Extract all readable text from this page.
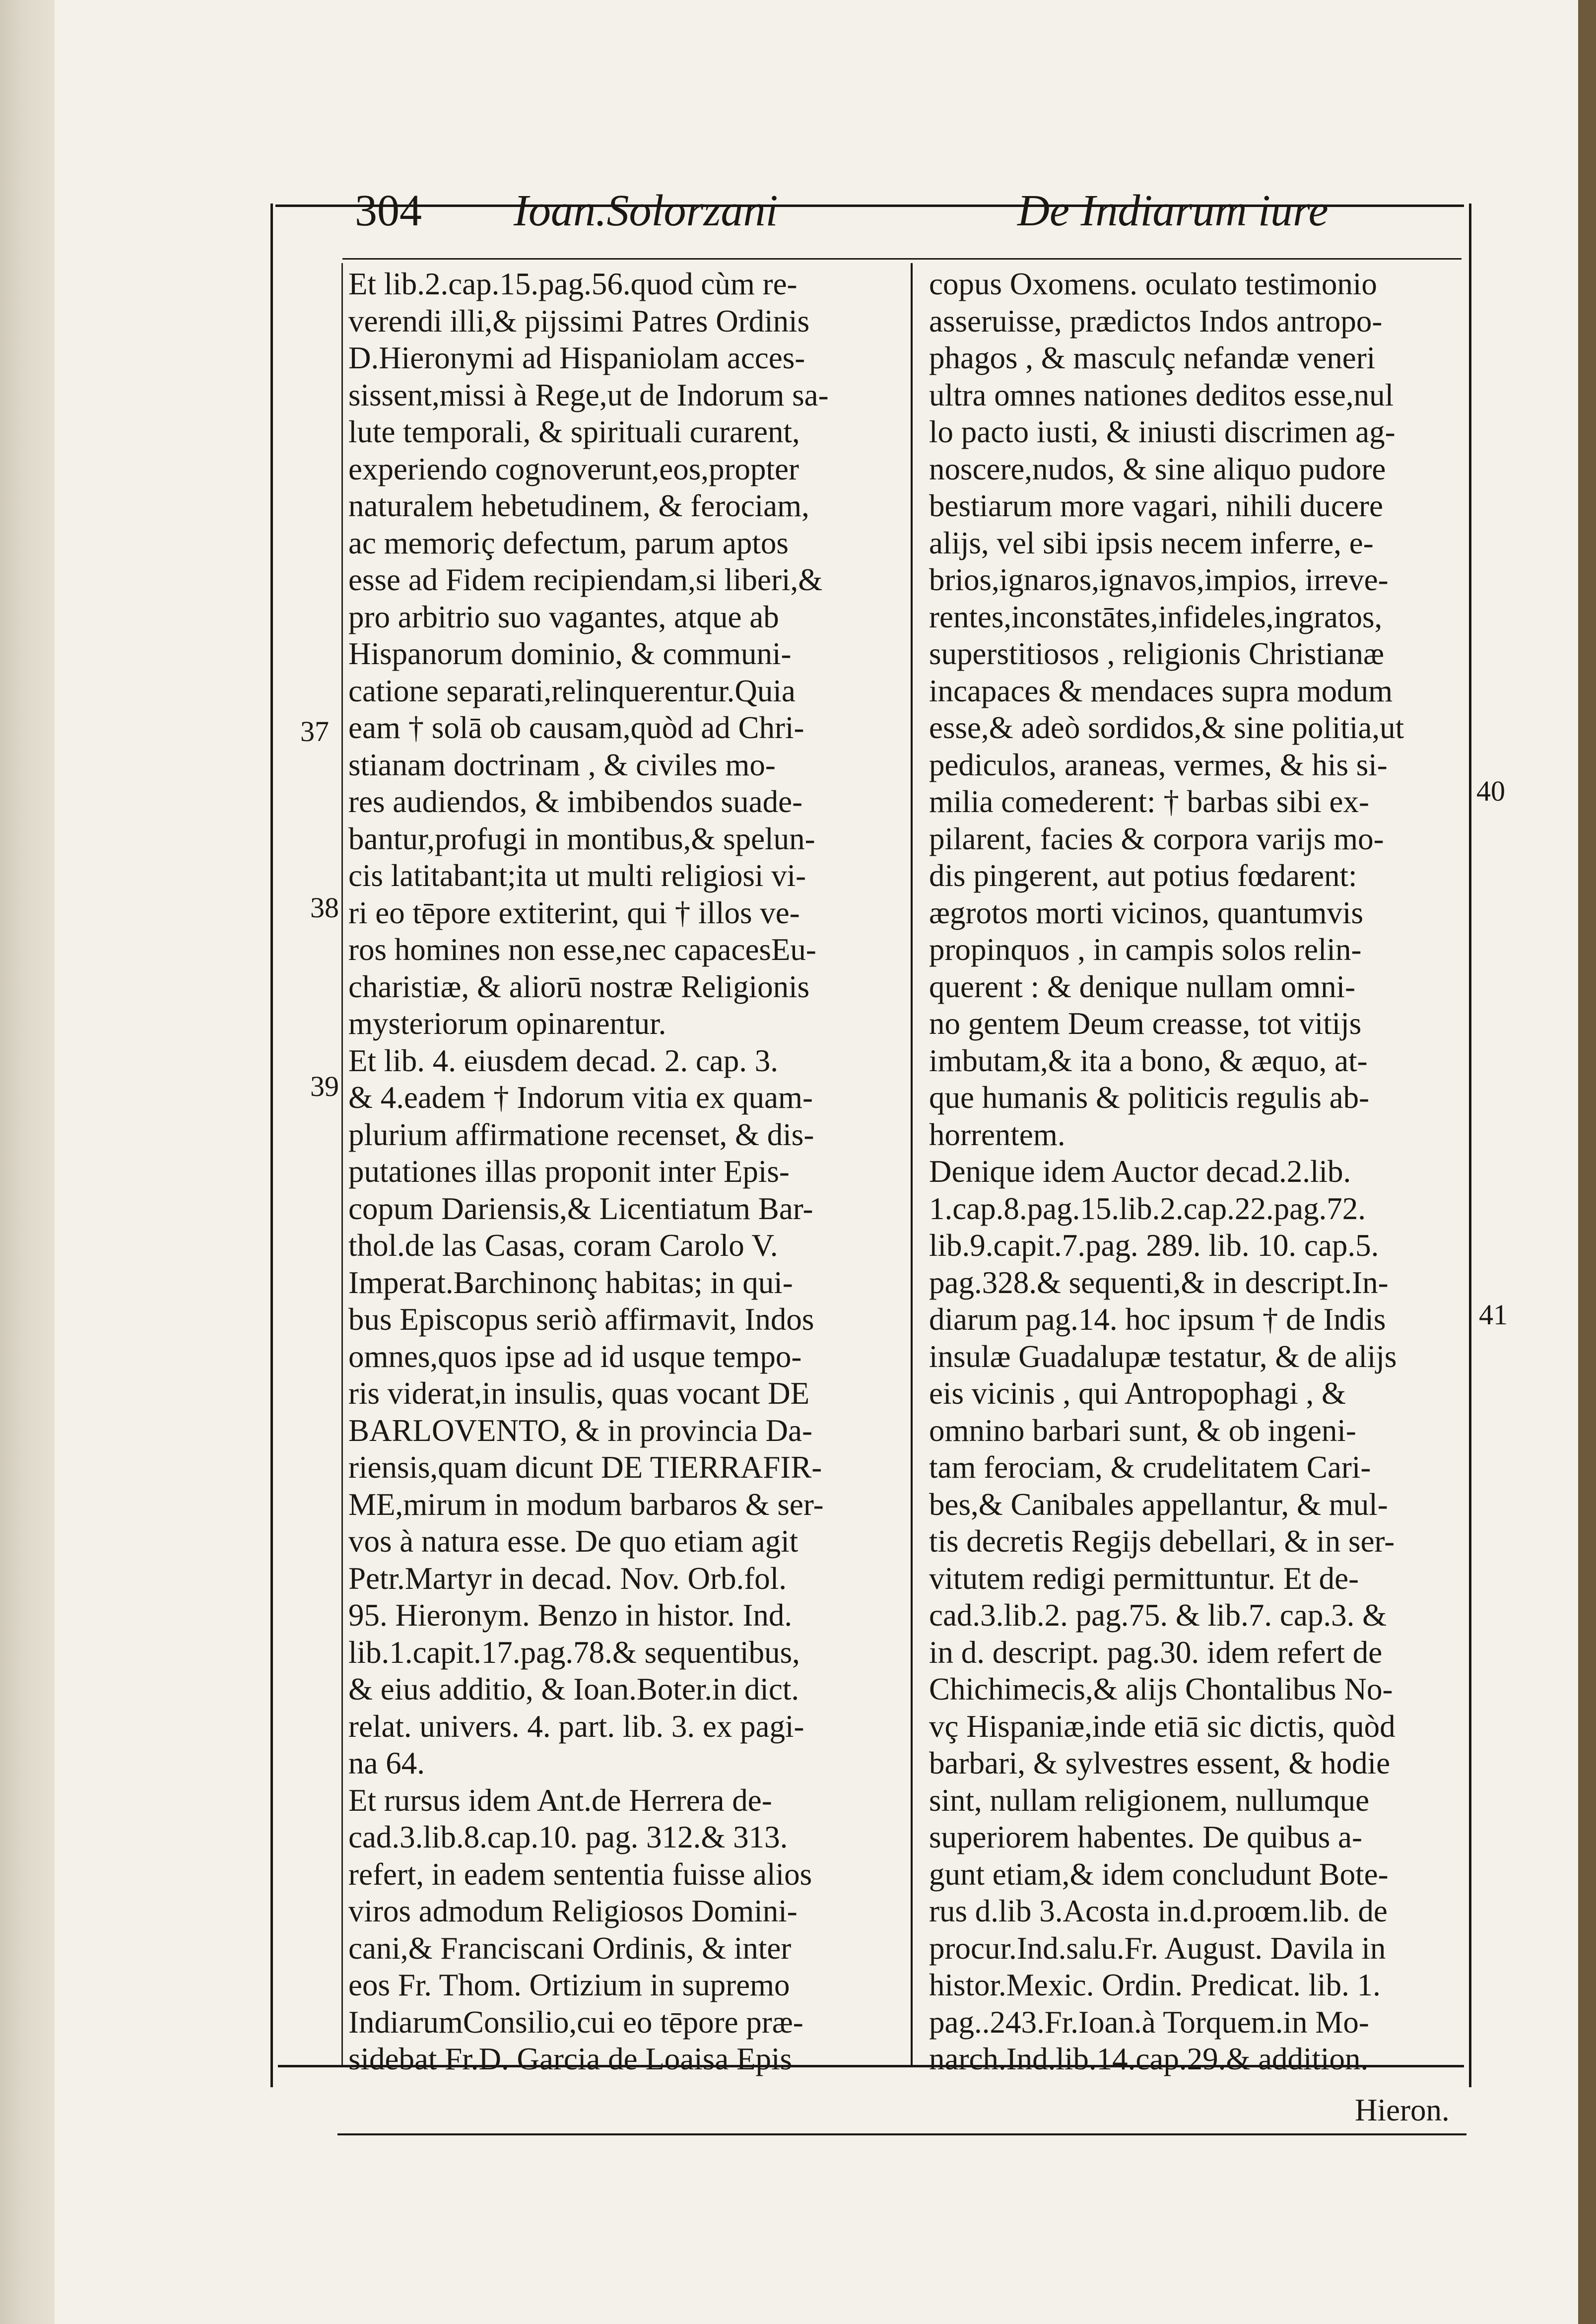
304 Ioan.Solorzani	De Indiarum iure
Et lib.2.cap.15.pag.56.quod cùm re-
verendi illi,& pijssimi Patres Ordinis
D.Hieronymi ad Hispaniolam acces-
sissent,missi à Rege,ut de Indorum sa-
lute temporali, & spirituali curarent,
experiendo cognoverunt,eos,propter
naturalem hebetudinem, & ferociam,
ac memoriç defectum, parum aptos
esse ad Fidem recipiendam,si liberi,&
pro arbitrio suo vagantes, atque ab
Hispanorum dominio, & communi-
catione separati,relinquerentur.Quia
eam † solā ob causam,quòd ad Chri-
stianam doctrinam , & civiles mo-
res audiendos, & imbibendos suade-
bantur,profugi in montibus,& spelun-
cis latitabant;ita ut multi religiosi vi-
ri eo tēpore extiterint, qui † illos ve-
ros homines non esse,nec capacesEu-
charistiæ, & aliorū nostræ Religionis
mysteriorum opinarentur.
Et lib. 4. eiusdem decad. 2. cap. 3.
& 4.eadem † Indorum vitia ex quam-
plurium affirmatione recenset, & dis-
putationes illas proponit inter Epis-
copum Dariensis,& Licentiatum Bar-
thol.de las Casas, coram Carolo V.
Imperat.Barchinonç habitas; in qui-
bus Episcopus seriò affirmavit, Indos
omnes,quos ipse ad id usque tempo-
ris viderat,in insulis, quas vocant DE
BARLOVENTO, & in provincia Da-
riensis,quam dicunt DE TIERRAFIR-
ME,mirum in modum barbaros & ser-
vos à natura esse. De quo etiam agit
Petr.Martyr in decad. Nov. Orb.fol.
95. Hieronym. Benzo in histor. Ind.
lib.1.capit.17.pag.78.& sequentibus,
& eius additio, & Ioan.Boter.in dict.
relat. univers. 4. part. lib. 3. ex pagi-
na 64.
Et rursus idem Ant.de Herrera de-
cad.3.lib.8.cap.10. pag. 312.& 313.
refert, in eadem sententia fuisse alios
viros admodum Religiosos Domini-
cani,& Franciscani Ordinis, & inter
eos Fr. Thom. Ortizium in supremo
IndiarumConsilio,cui eo tēpore præ-
sidebat Fr.D. Garcia de Loaisa Epis
copus Oxomens. oculato testimonio
asseruisse, prædictos Indos antropo-
phagos , & masculç nefandæ veneri
ultra omnes nationes deditos esse,nul
lo pacto iusti, & iniusti discrimen ag-
noscere,nudos, & sine aliquo pudore
bestiarum more vagari, nihili ducere
alijs, vel sibi ipsis necem inferre, e-
brios,ignaros,ignavos,impios, irreve-
rentes,inconstātes,infideles,ingratos,
superstitiosos , religionis Christianæ
incapaces & mendaces supra modum
esse,& adeò sordidos,& sine politia,ut
pediculos, araneas, vermes, & his si-
milia comederent: † barbas sibi ex-
pilarent, facies & corpora varijs mo-
dis pingerent, aut potius fœdarent:
ægrotos morti vicinos, quantumvis
propinquos , in campis solos relin-
querent : & denique nullam omni-
no gentem Deum creasse, tot vitijs
imbutam,& ita a bono, & æquo, at-
que humanis & politicis regulis ab-
horrentem.
Denique idem Auctor decad.2.lib.
1.cap.8.pag.15.lib.2.cap.22.pag.72.
lib.9.capit.7.pag. 289. lib. 10. cap.5.
pag.328.& sequenti,& in descript.In-
diarum pag.14. hoc ipsum † de Indis
insulæ Guadalupæ testatur, & de alijs
eis vicinis , qui Antropophagi , &
omnino barbari sunt, & ob ingeni-
tam ferociam, & crudelitatem Cari-
bes,& Canibales appellantur, & mul-
tis decretis Regijs debellari, & in ser-
vitutem redigi permittuntur. Et de-
cad.3.lib.2. pag.75. & lib.7. cap.3. &
in d. descript. pag.30. idem refert de
Chichimecis,& alijs Chontalibus No-
vç Hispaniæ,inde etiā sic dictis, quòd
barbari, & sylvestres essent, & hodie
sint, nullam religionem, nullumque
superiorem habentes. De quibus a-
gunt etiam,& idem concludunt Bote-
rus d.lib 3.Acosta in.d.proœm.lib. de
procur.Ind.salu.Fr. August. Davila in
histor.Mexic. Ordin. Predicat. lib. 1.
pag..243.Fr.Ioan.à Torquem.in Mo-
narch.Ind.lib.14.cap.29.& addition.
37
38
39
40
41
Hieron.
